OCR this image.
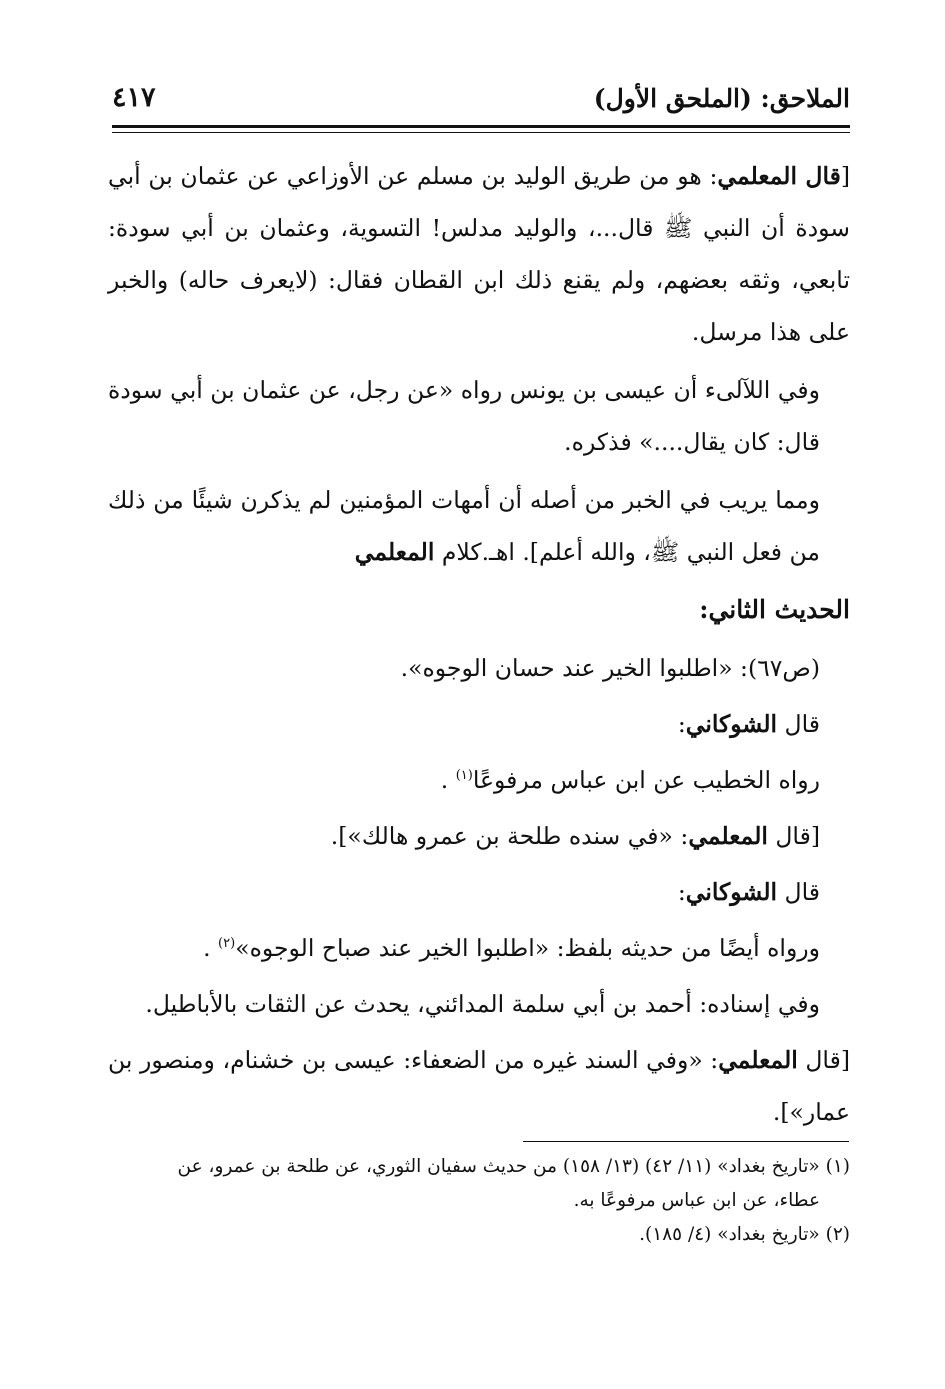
الملاحق: (الملحق الأول)
٤١٧

[قال المعلمي: هو من طريق الوليد بن مسلم عن الأوزاعي عن عثمان بن أبي سودة أن النبي ﷺ قال...، والوليد مدلس! التسوية، وعثمان بن أبي سودة: تابعي، وثقه بعضهم، ولم يقنع ذلك ابن القطان فقال: (لايعرف حاله) والخبر على هذا مرسل.

وفي اللآلىء أن عيسى بن يونس رواه «عن رجل، عن عثمان بن أبي سودة قال: كان يقال....» فذكره.

ومما يريب في الخبر من أصله أن أمهات المؤمنين لم يذكرن شيئًا من ذلك من فعل النبي ﷺ، والله أعلم]. اهـ.كلام المعلمي

الحديث الثاني:

(ص٦٧): «اطلبوا الخير عند حسان الوجوه».

قال الشوكاني:

رواه الخطيب عن ابن عباس مرفوعًا$^{(١)}$ .

[قال المعلمي: «في سنده طلحة بن عمرو هالك»].

قال الشوكاني:

ورواه أيضًا من حديثه بلفظ: «اطلبوا الخير عند صباح الوجوه»$^{(٢)}$ .

وفي إسناده: أحمد بن أبي سلمة المدائني، يحدث عن الثقات بالأباطيل.

[قال المعلمي: «وفي السند غيره من الضعفاء: عيسى بن خشنام، ومنصور بن عمار»].

(١) «تاريخ بغداد» (١١/ ٤٢) (١٣/ ١٥٨) من حديث سفيان الثوري، عن طلحة بن عمرو، عن

عطاء، عن ابن عباس مرفوعًا به.

(٢) «تاريخ بغداد» (٤/ ١٨٥).
